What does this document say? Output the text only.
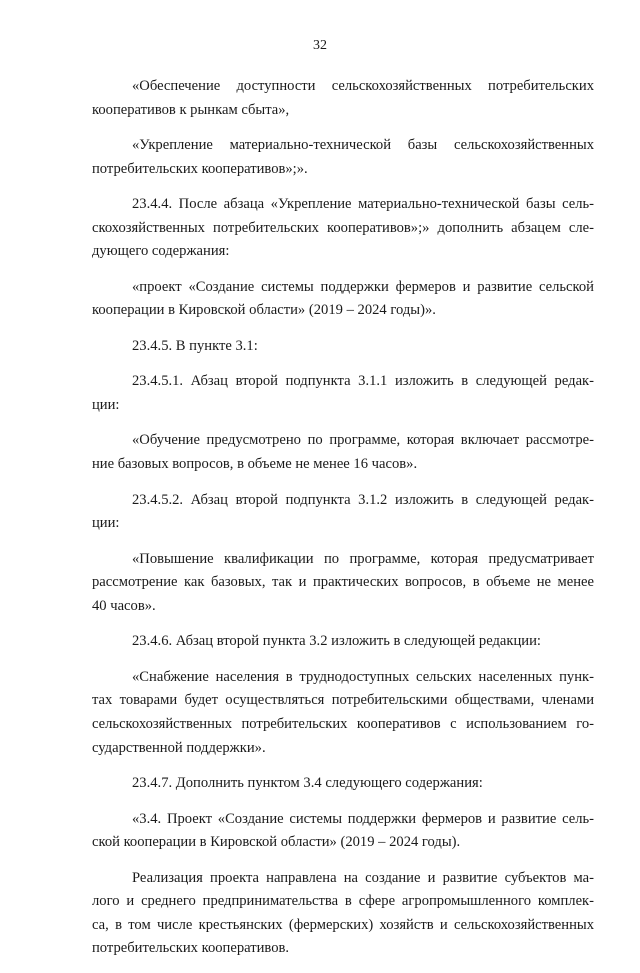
32

«Обеспечение доступности сельскохозяйственных потребительских
кооперативов к рынкам сбыта»,

«Укрепление материально-технической базы сельскохозяйственных
потребительских кооперативов»;».

23.4.4. После абзаца «Укрепление материально-технической базы сель-
скохозяйственных потребительских кооперативов»;» дополнить абзацем сле-
дующего содержания:

«проект «Создание системы поддержки фермеров и развитие сельской
кооперации в Кировской области» (2019 – 2024 годы)».

23.4.5. В пункте 3.1:

23.4.5.1. Абзац второй подпункта 3.1.1 изложить в следующей редак-
ции:

«Обучение предусмотрено по программе, которая включает рассмотре-
ние базовых вопросов, в объеме не менее 16 часов».

23.4.5.2. Абзац второй подпункта 3.1.2 изложить в следующей редак-
ции:

«Повышение квалификации по программе, которая предусматривает
рассмотрение как базовых, так и практических вопросов, в объеме не менее
40 часов».

23.4.6. Абзац второй пункта 3.2 изложить в следующей редакции:

«Снабжение населения в труднодоступных сельских населенных пунк-
тах товарами будет осуществляться потребительскими обществами, членами
сельскохозяйственных потребительских кооперативов с использованием го-
сударственной поддержки».

23.4.7. Дополнить пунктом 3.4 следующего содержания:

«3.4. Проект «Создание системы поддержки фермеров и развитие сель-
ской кооперации в Кировской области» (2019 – 2024 годы).

Реализация проекта направлена на создание и развитие субъектов ма-
лого и среднего предпринимательства в сфере агропромышленного комплек-
са, в том числе крестьянских (фермерских) хозяйств и сельскохозяйственных
потребительских кооперативов.
